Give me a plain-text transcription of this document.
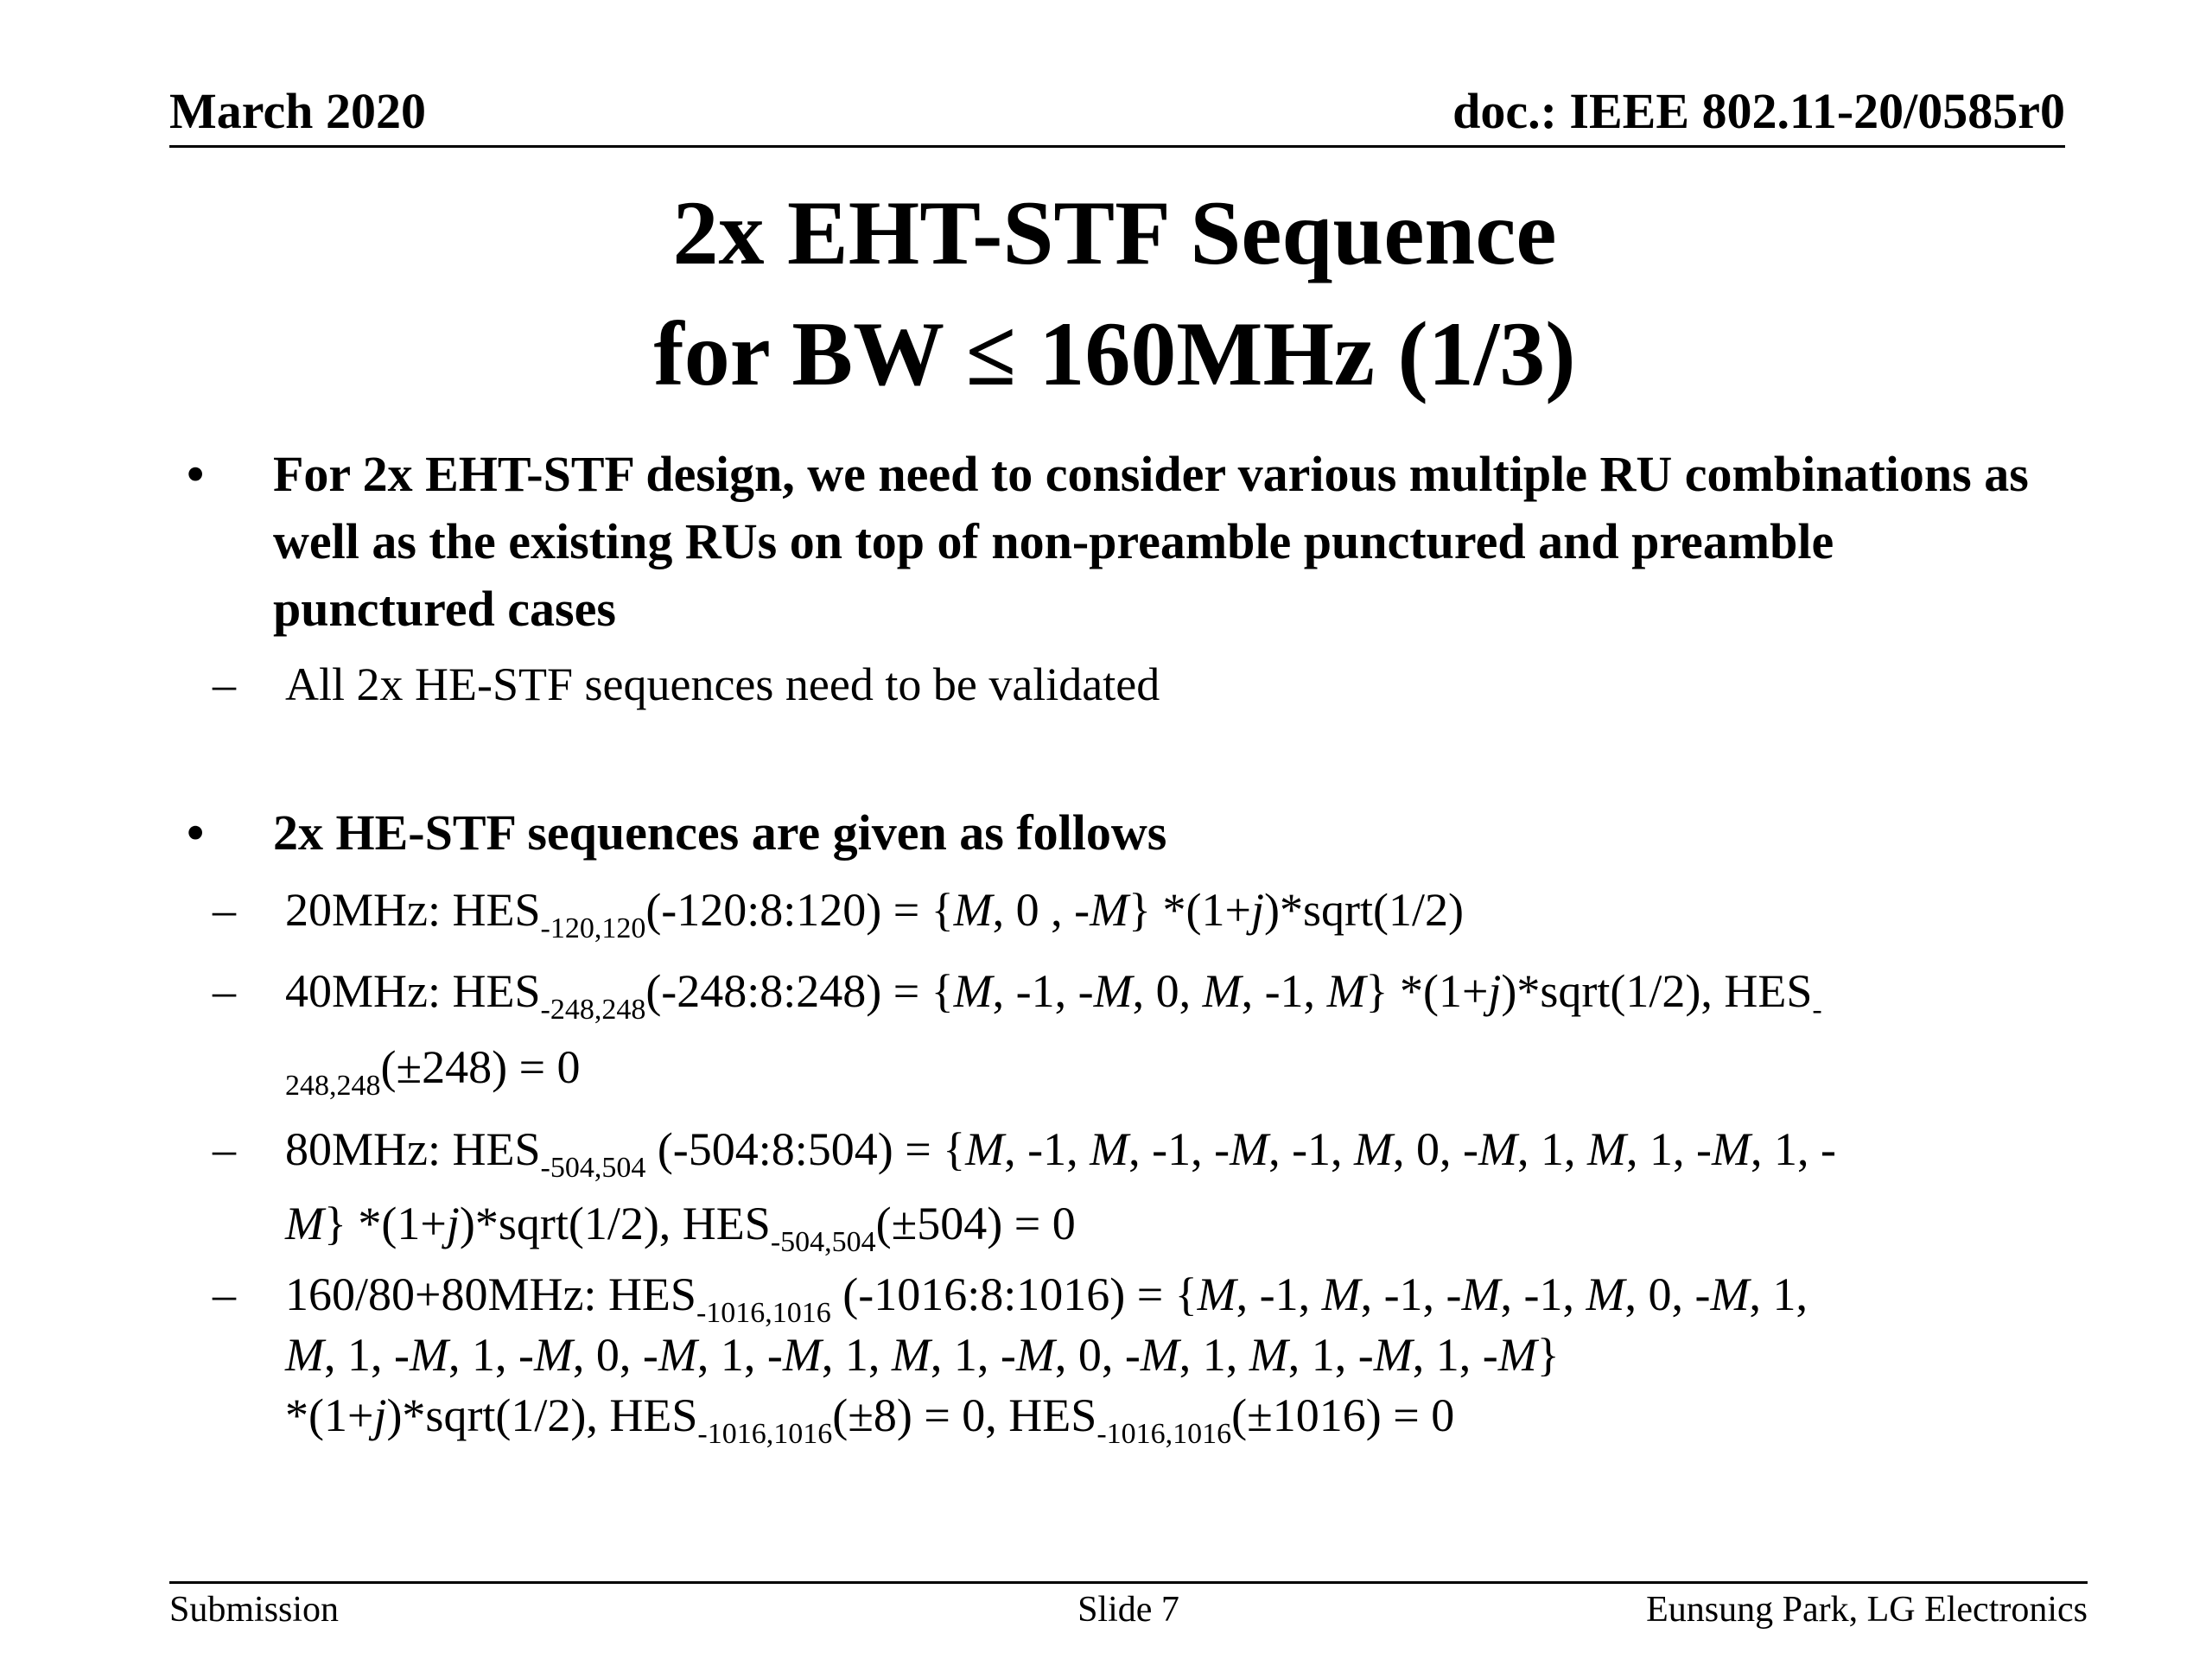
March 2020	doc.: IEEE 802.11-20/0585r0
2x EHT-STF Sequence
for BW ≤ 160MHz (1/3)
•	For 2x EHT-STF design, we need to consider various multiple RU combinations as well as the existing RUs on top of non-preamble punctured and preamble punctured cases
– All 2x HE-STF sequences need to be validated
•	2x HE-STF sequences are given as follows
– 20MHz: $HES_{-120,120}(-120:8:120) = \{M$, 0 , -M} *(1+j)*sqrt(1/2)
– 40MHz: $HES_{-248,248}(-248:8:248) = \{M$, -1, -M, 0, M, -1, M} *(1+j)*sqrt(1/2), $HES_-$
$_{248,248}$(±248) = 0
– 80MHz: $HES_{-504,504}$ (-504:8:504) = {M, -1, M, -1, -M, -1, M, 0, -M, 1, M, 1, -M, 1, -
M} *(1+j)*sqrt(1/2), $HES_{-504,504}(\pm 504) = 0$
– 160/80+80MHz: $HES_{-1016,1016}$ (-1016:8:1016) = {M, -1, M, -1, -M, -1, M, 0, -M, 1,
M, 1, -M, 1, -M, 0, -M, 1, -M, 1, M, 1, -M, 0, -M, 1, M, 1, -M, 1, -M}
*(1+j)*sqrt(1/2), $HES_{-1016,1016}(\pm 8) = 0$, $HES_{-1016,1016}(\pm 1016) = 0$
Submission	Slide 7	Eunsung Park, LG Electronics
